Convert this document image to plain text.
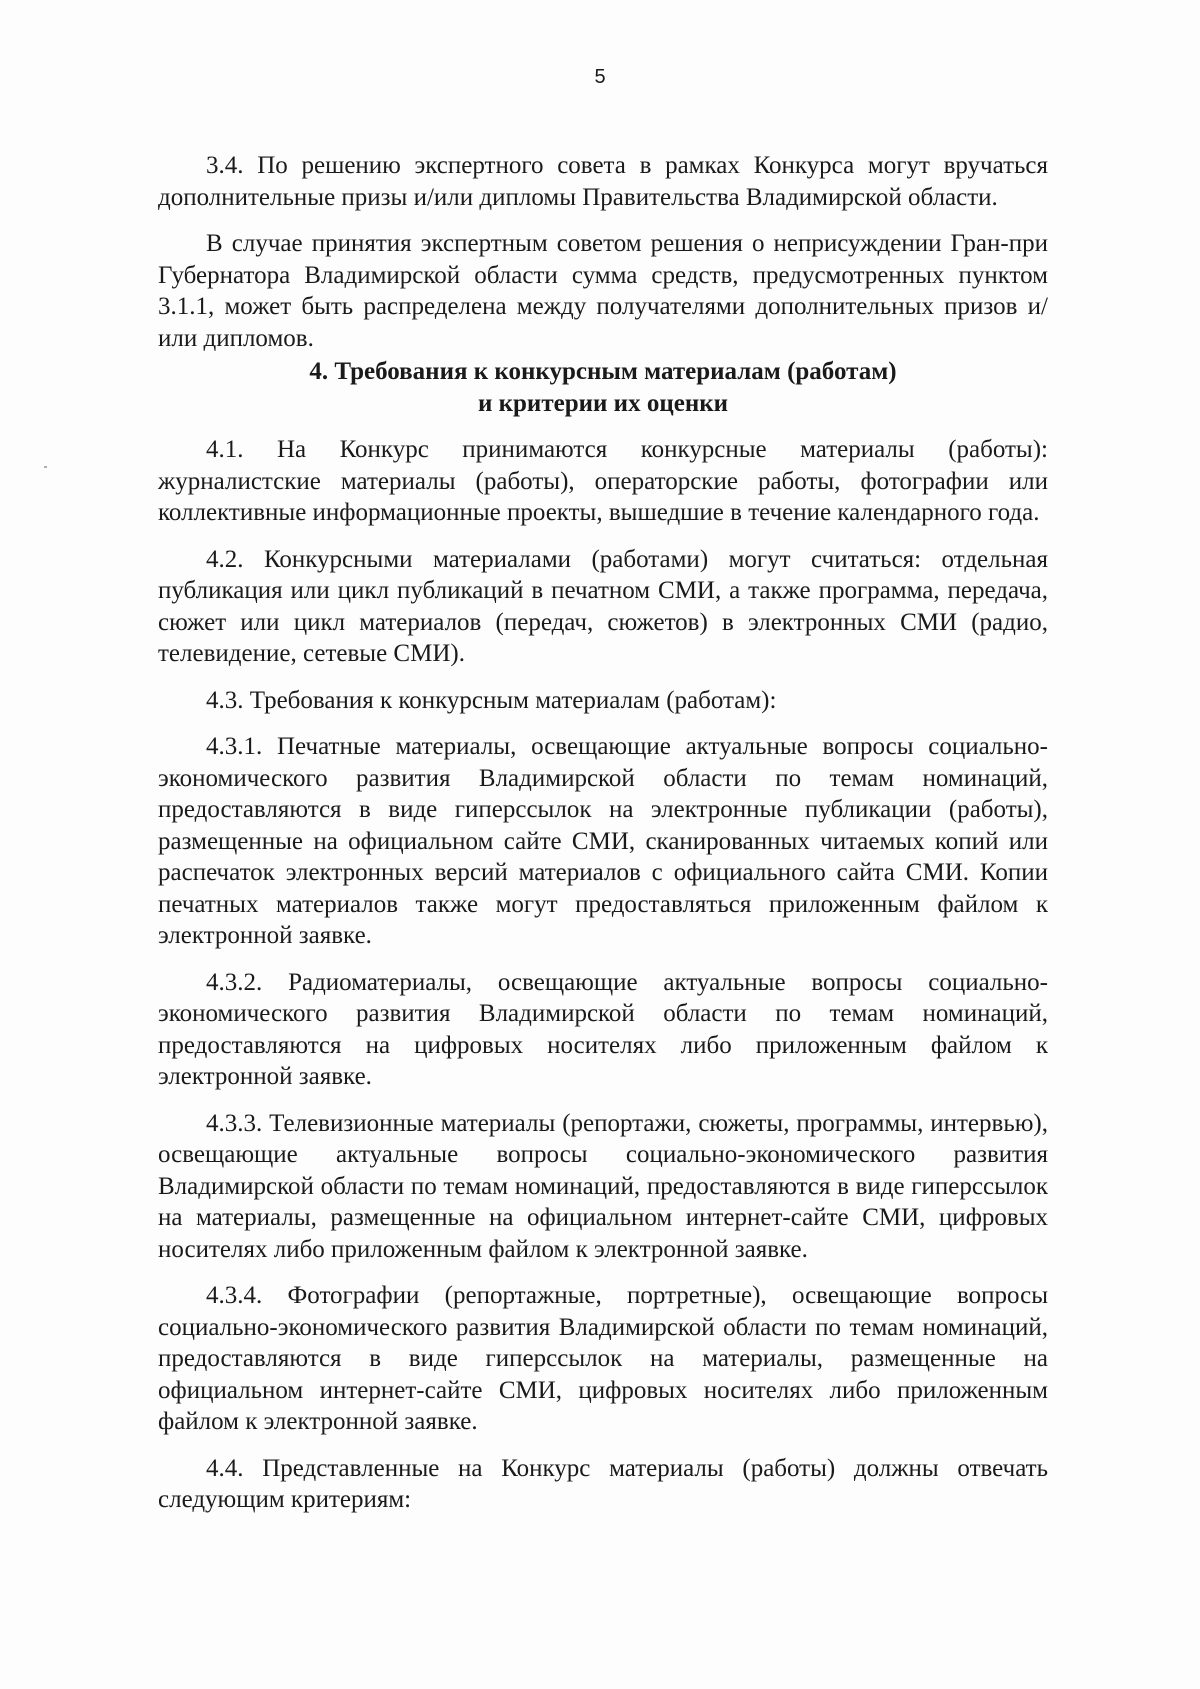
5

3.4. По решению экспертного совета в рамках Конкурса могут вручаться дополнительные призы и/или дипломы Правительства Владимирской области.

В случае принятия экспертным советом решения о неприсуждении Гран-при Губернатора Владимирской области сумма средств, предусмотренных пунктом 3.1.1, может быть распределена между получателями дополнительных призов и/или дипломов.

4. Требования к конкурсным материалам (работам)
и критерии их оценки

4.1. На Конкурс принимаются конкурсные материалы (работы): журналистские материалы (работы), операторские работы, фотографии или коллективные информационные проекты, вышедшие в течение календарного года.

4.2. Конкурсными материалами (работами) могут считаться: отдельная публикация или цикл публикаций в печатном СМИ, а также программа, передача, сюжет или цикл материалов (передач, сюжетов) в электронных СМИ (радио, телевидение, сетевые СМИ).

4.3. Требования к конкурсным материалам (работам):

4.3.1. Печатные материалы, освещающие актуальные вопросы социально-экономического развития Владимирской области по темам номинаций, предоставляются в виде гиперссылок на электронные публикации (работы), размещенные на официальном сайте СМИ, сканированных читаемых копий или распечаток электронных версий материалов с официального сайта СМИ. Копии печатных материалов также могут предоставляться приложенным файлом к электронной заявке.

4.3.2. Радиоматериалы, освещающие актуальные вопросы социально-экономического развития Владимирской области по темам номинаций, предоставляются на цифровых носителях либо приложенным файлом к электронной заявке.

4.3.3. Телевизионные материалы (репортажи, сюжеты, программы, интервью), освещающие актуальные вопросы социально-экономического развития Владимирской области по темам номинаций, предоставляются в виде гиперссылок на материалы, размещенные на официальном интернет-сайте СМИ, цифровых носителях либо приложенным файлом к электронной заявке.

4.3.4. Фотографии (репортажные, портретные), освещающие вопросы социально-экономического развития Владимирской области по темам номинаций, предоставляются в виде гиперссылок на материалы, размещенные на официальном интернет-сайте СМИ, цифровых носителях либо приложенным файлом к электронной заявке.

4.4. Представленные на Конкурс материалы (работы) должны отвечать следующим критериям:
